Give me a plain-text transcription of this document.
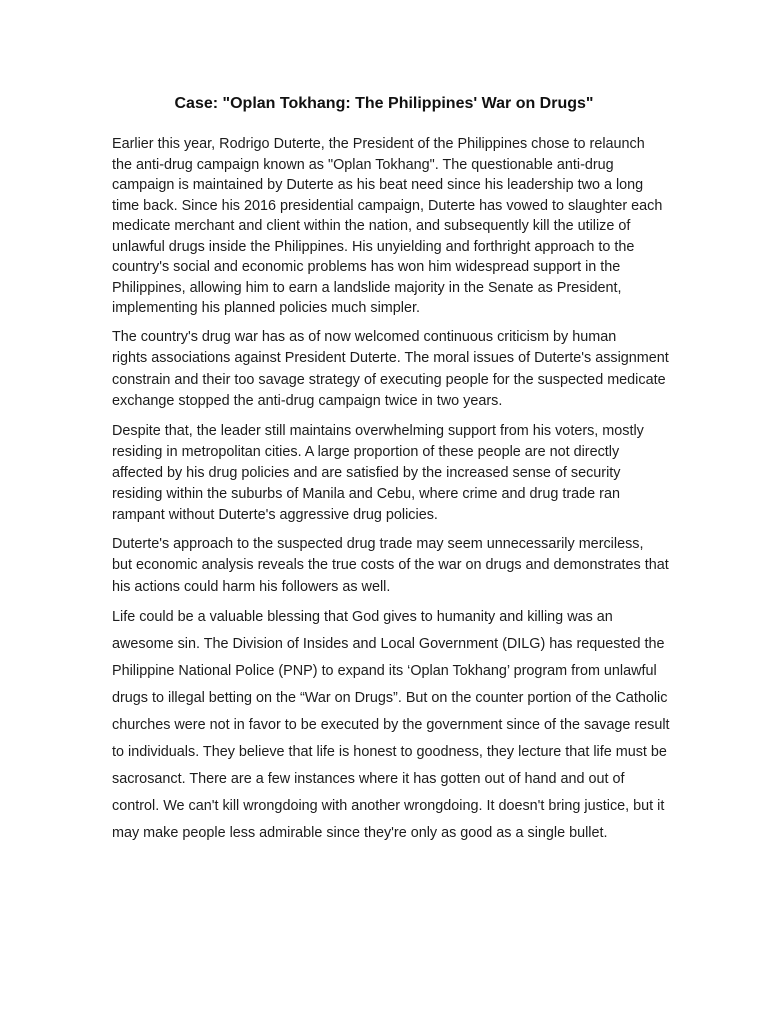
Case: "Oplan Tokhang: The Philippines' War on Drugs"

Earlier this year, Rodrigo Duterte, the President of the Philippines chose to relaunch
the anti-drug campaign known as "Oplan Tokhang". The questionable anti-drug
campaign is maintained by Duterte as his beat need since his leadership two a long
time back. Since his 2016 presidential campaign, Duterte has vowed to slaughter each
medicate merchant and client within the nation, and subsequently kill the utilize of
unlawful drugs inside the Philippines. His unyielding and forthright approach to the
country's social and economic problems has won him widespread support in the
Philippines, allowing him to earn a landslide majority in the Senate as President,
implementing his planned policies much simpler.

The country's drug war has as of now welcomed continuous criticism by human
rights associations against President Duterte. The moral issues of Duterte's assignment
constrain and their too savage strategy of executing people for the suspected medicate
exchange stopped the anti-drug campaign twice in two years.

Despite that, the leader still maintains overwhelming support from his voters, mostly
residing in metropolitan cities. A large proportion of these people are not directly
affected by his drug policies and are satisfied by the increased sense of security
residing within the suburbs of Manila and Cebu, where crime and drug trade ran
rampant without Duterte's aggressive drug policies.

Duterte's approach to the suspected drug trade may seem unnecessarily merciless,
but economic analysis reveals the true costs of the war on drugs and demonstrates that
his actions could harm his followers as well.

Life could be a valuable blessing that God gives to humanity and killing was an
awesome sin. The Division of Insides and Local Government (DILG) has requested the
Philippine National Police (PNP) to expand its ‘Oplan Tokhang’ program from unlawful
drugs to illegal betting on the “War on Drugs”. But on the counter portion of the Catholic
churches were not in favor to be executed by the government since of the savage result
to individuals. They believe that life is honest to goodness, they lecture that life must be
sacrosanct. There are a few instances where it has gotten out of hand and out of
control. We can't kill wrongdoing with another wrongdoing. It doesn't bring justice, but it
may make people less admirable since they're only as good as a single bullet.
